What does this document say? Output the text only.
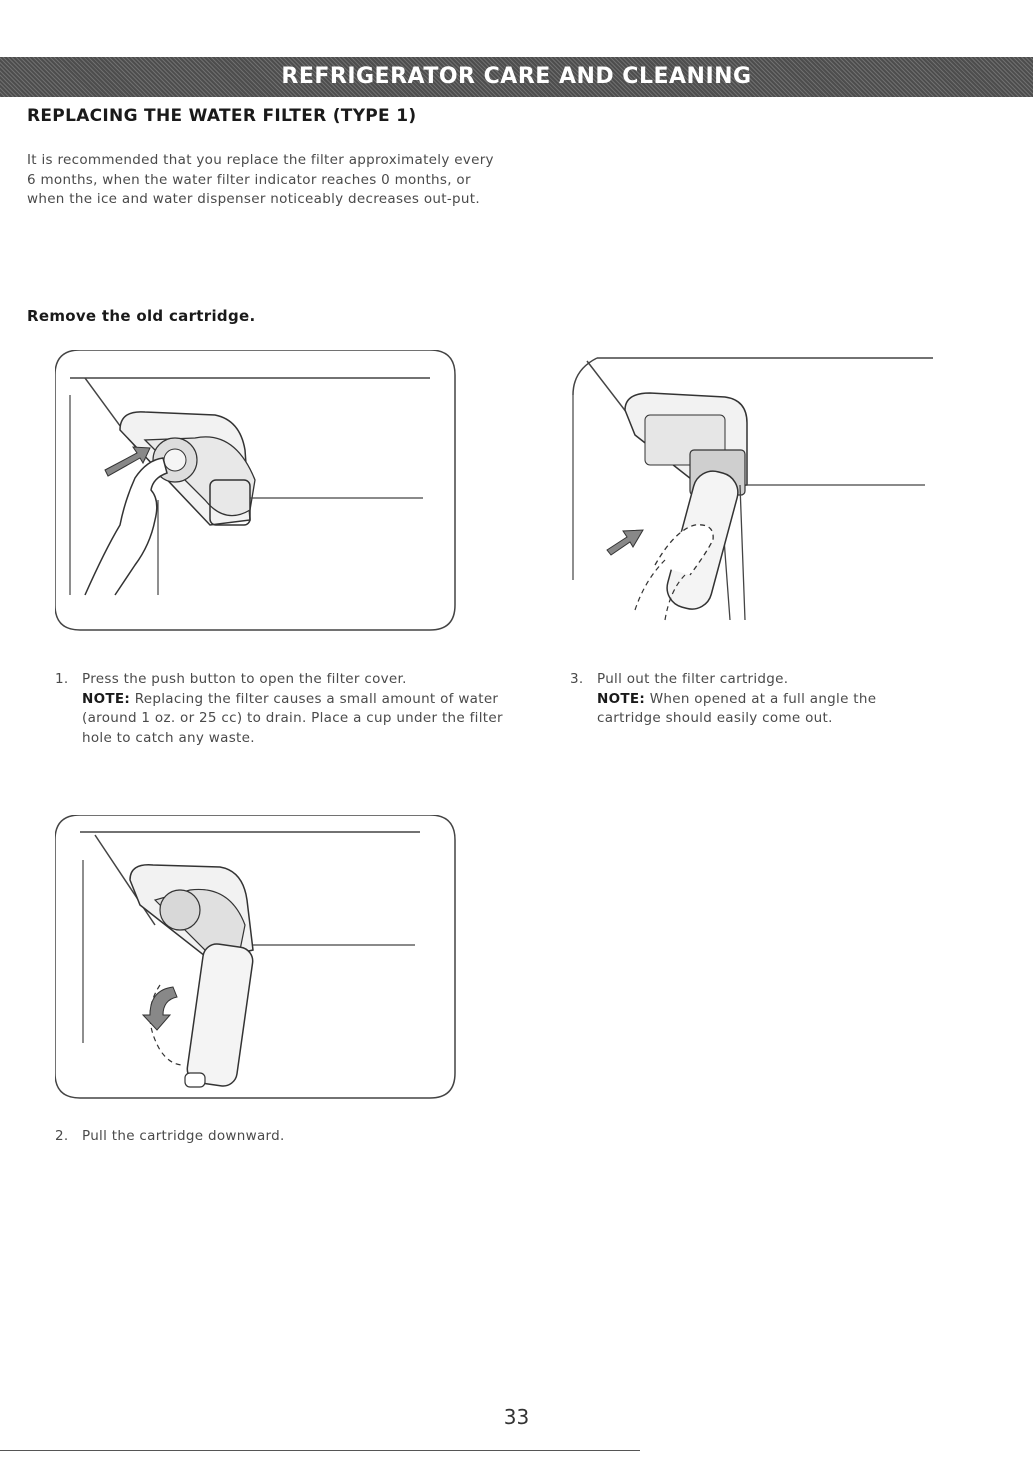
REFRIGERATOR CARE AND CLEANING
REPLACING THE WATER FILTER (TYPE 1)
It is recommended that you replace the filter approximately every 6 months, when the water filter indicator reaches 0 months, or when the ice and water dispenser noticeably decreases out-put.
Remove the old cartridge.
1. Press the push button to open the filter cover.
NOTE: Replacing the filter causes a small amount of water (around 1 oz. or 25 cc) to drain. Place a cup under the filter hole to catch any waste.
3. Pull out the filter cartridge.
NOTE: When opened at a full angle the cartridge should easily come out.
2. Pull the cartridge downward.
33
